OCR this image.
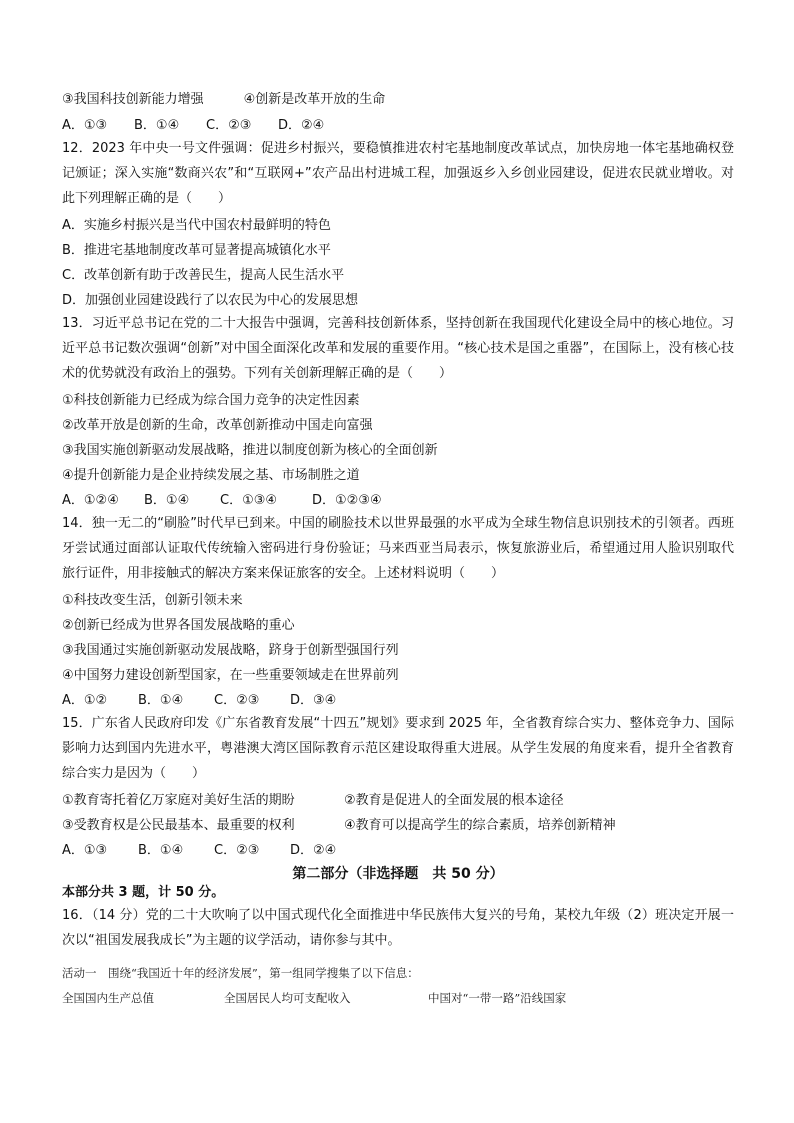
③我国科技创新能力增强	④创新是改革开放的生命
A．①③ B．①④ C．②③ D．②④
12．2023 年中央一号文件强调：促进乡村振兴，要稳慎推进农村宅基地制度改革试点，加快房地一体宅基地确权登记颁证；深入实施“数商兴农”和“互联网+”农产品出村进城工程，加强返乡入乡创业园建设，促进农民就业增收。对此下列理解正确的是（　　）
A．实施乡村振兴是当代中国农村最鲜明的特色
B．推进宅基地制度改革可显著提高城镇化水平
C．改革创新有助于改善民生，提高人民生活水平
D．加强创业园建设践行了以农民为中心的发展思想
13．习近平总书记在党的二十大报告中强调，完善科技创新体系，坚持创新在我国现代化建设全局中的核心地位。习近平总书记数次强调“创新”对中国全面深化改革和发展的重要作用。“核心技术是国之重器”，在国际上，没有核心技术的优势就没有政治上的强势。下列有关创新理解正确的是（　　）
①科技创新能力已经成为综合国力竞争的决定性因素
②改革开放是创新的生命，改革创新推动中国走向富强
③我国实施创新驱动发展战略，推进以制度创新为核心的全面创新
④提升创新能力是企业持续发展之基、市场制胜之道
A．①②④ B．①④ C．①③④	D．①②③④
14．独一无二的“刷脸”时代早已到来。中国的刷脸技术以世界最强的水平成为全球生物信息识别技术的引领者。西班牙尝试通过面部认证取代传统输入密码进行身份验证；马来西亚当局表示，恢复旅游业后，希望通过用人脸识别取代旅行证件，用非接触式的解决方案来保证旅客的安全。上述材料说明（　　）
①科技改变生活，创新引领未来
②创新已经成为世界各国发展战略的重心
③我国通过实施创新驱动发展战略，跻身于创新型强国行列
④中国努力建设创新型国家，在一些重要领域走在世界前列
A．①② B．①④ C．②③ D．③④
15．广东省人民政府印发《广东省教育发展“十四五”规划》要求到 2025 年，全省教育综合实力、整体竞争力、国际影响力达到国内先进水平，粤港澳大湾区国际教育示范区建设取得重大进展。从学生发展的角度来看，提升全省教育综合实力是因为（　　）
①教育寄托着亿万家庭对美好生活的期盼	②教育是促进人的全面发展的根本途径
③受教育权是公民最基本、最重要的权利	④教育可以提高学生的综合素质，培养创新精神
A．①③ B．①④ C．②③ D．②④
第二部分（非选择题　共 50 分）
本部分共 3 题，计 50 分。
16．（14 分）党的二十大吹响了以中国式现代化全面推进中华民族伟大复兴的号角，某校九年级（2）班决定开展一次以“祖国发展我成长”为主题的议学活动，请你参与其中。
活动一　围绕“我国近十年的经济发展”，第一组同学搜集了以下信息：
全国国内生产总值	全国居民人均可支配收入	中国对“一带一路”沿线国家
